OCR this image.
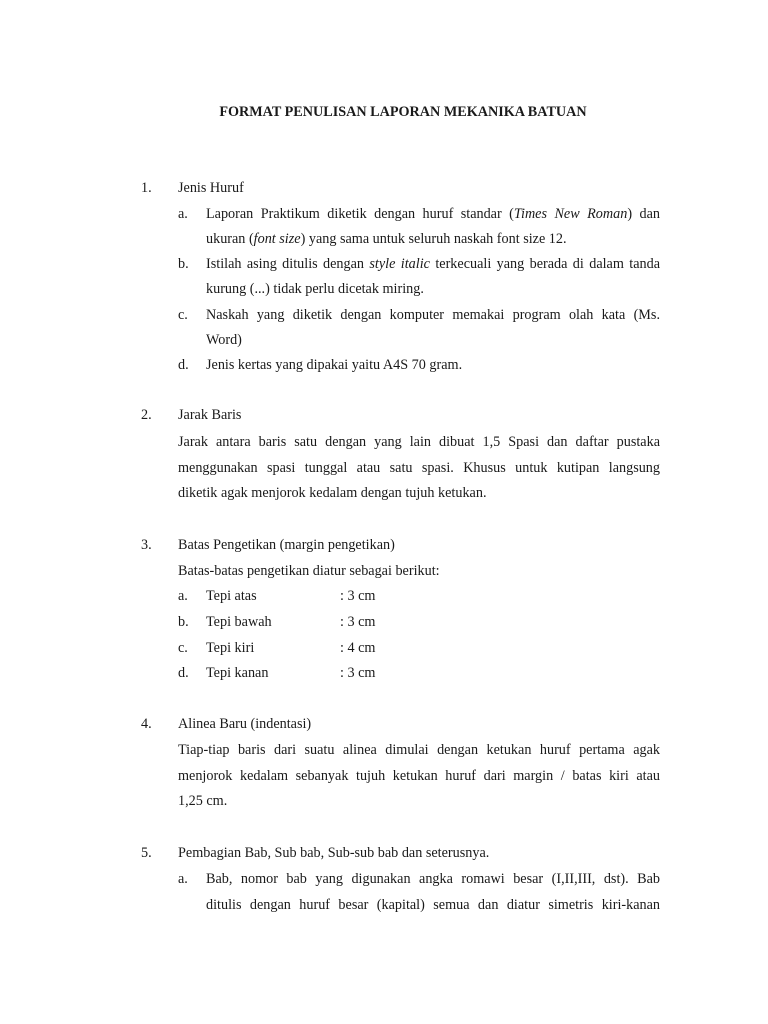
FORMAT PENULISAN LAPORAN MEKANIKA BATUAN
1. Jenis Huruf
a. Laporan Praktikum diketik dengan huruf standar (Times New Roman) dan
ukuran (font size) yang sama untuk seluruh naskah font size 12.
b. Istilah asing ditulis dengan style italic terkecuali yang berada di dalam tanda
kurung (...) tidak perlu dicetak miring.
c. Naskah yang diketik dengan komputer memakai program olah kata (Ms.
Word)
d. Jenis kertas yang dipakai yaitu A4S 70 gram.
2. Jarak Baris
Jarak antara baris satu dengan yang lain dibuat 1,5 Spasi dan daftar pustaka
menggunakan spasi tunggal atau satu spasi. Khusus untuk kutipan langsung
diketik agak menjorok kedalam dengan tujuh ketukan.
3. Batas Pengetikan (margin pengetikan)
Batas-batas pengetikan diatur sebagai berikut:
a. Tepi atas	: 3 cm
b. Tepi bawah	: 3 cm
c. Tepi kiri	: 4 cm
d. Tepi kanan	: 3 cm
4. Alinea Baru (indentasi)
Tiap-tiap baris dari suatu alinea dimulai dengan ketukan huruf pertama agak
menjorok kedalam sebanyak tujuh ketukan huruf dari margin / batas kiri atau
1,25 cm.
5. Pembagian Bab, Sub bab, Sub-sub bab dan seterusnya.
a. Bab, nomor bab yang digunakan angka romawi besar (I,II,III, dst). Bab
ditulis dengan huruf besar (kapital) semua dan diatur simetris kiri-kanan
